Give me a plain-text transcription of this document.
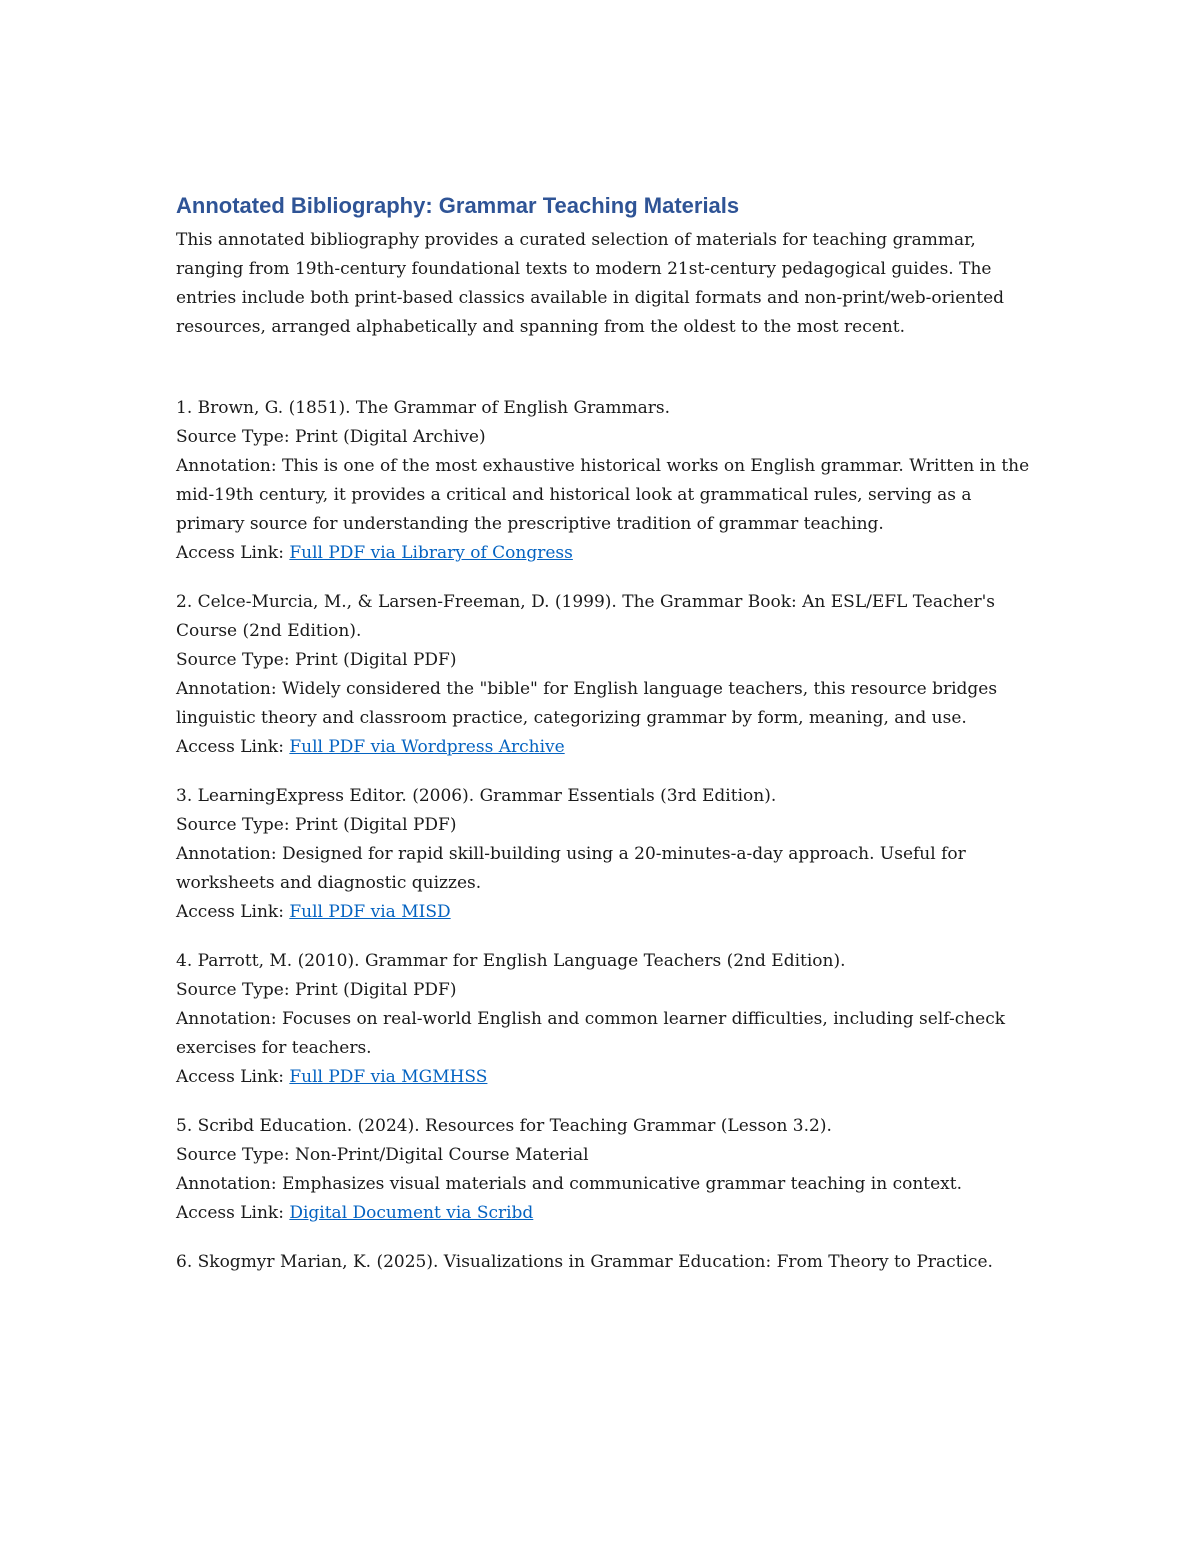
Annotated Bibliography: Grammar Teaching Materials

This annotated bibliography provides a curated selection of materials for teaching grammar, ranging from 19th-century foundational texts to modern 21st-century pedagogical guides. The entries include both print-based classics available in digital formats and non-print/web-oriented resources, arranged alphabetically and spanning from the oldest to the most recent.

1. Brown, G. (1851). The Grammar of English Grammars.

Source Type: Print (Digital Archive)

Annotation: This is one of the most exhaustive historical works on English grammar. Written in the mid-19th century, it provides a critical and historical look at grammatical rules, serving as a primary source for understanding the prescriptive tradition of grammar teaching.

Access Link: Full PDF via Library of Congress

2. Celce-Murcia, M., & Larsen-Freeman, D. (1999). The Grammar Book: An ESL/EFL Teacher's Course (2nd Edition).

Source Type: Print (Digital PDF)

Annotation: Widely considered the "bible" for English language teachers, this resource bridges linguistic theory and classroom practice, categorizing grammar by form, meaning, and use.

Access Link: Full PDF via Wordpress Archive

3. LearningExpress Editor. (2006). Grammar Essentials (3rd Edition).

Source Type: Print (Digital PDF)

Annotation: Designed for rapid skill-building using a 20-minutes-a-day approach. Useful for worksheets and diagnostic quizzes.

Access Link: Full PDF via MISD

4. Parrott, M. (2010). Grammar for English Language Teachers (2nd Edition).

Source Type: Print (Digital PDF)

Annotation: Focuses on real-world English and common learner difficulties, including self-check exercises for teachers.

Access Link: Full PDF via MGMHSS

5. Scribd Education. (2024). Resources for Teaching Grammar (Lesson 3.2).

Source Type: Non-Print/Digital Course Material

Annotation: Emphasizes visual materials and communicative grammar teaching in context.

Access Link: Digital Document via Scribd

6. Skogmyr Marian, K. (2025). Visualizations in Grammar Education: From Theory to Practice.
